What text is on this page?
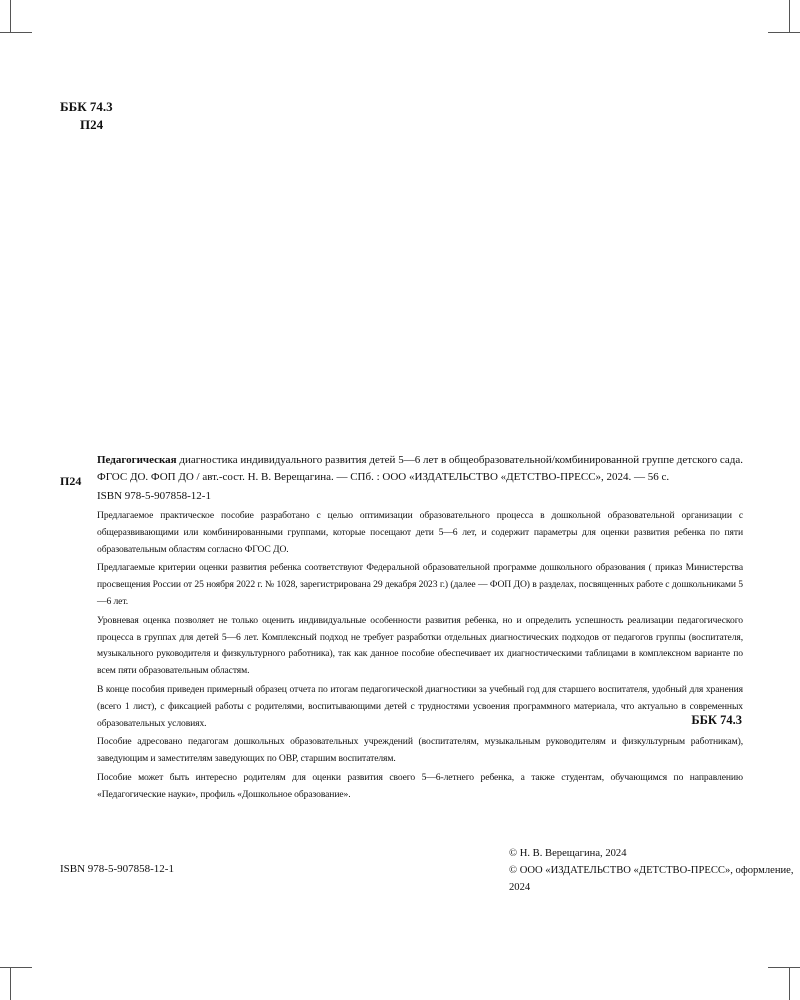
ББК 74.3
П24
П24

Педагогическая диагностика индивидуального развития детей 5—6 лет в общеобразовательной/комбинированной группе детского сада. ФГОС ДО. ФОП ДО / авт.-сост. Н. В. Верещагина. — СПб. : ООО «ИЗДАТЕЛЬСТВО «ДЕТСТВО-ПРЕСС», 2024. — 56 с.

ISBN 978-5-907858-12-1

Предлагаемое практическое пособие разработано с целью оптимизации образовательного процесса в дошкольной образовательной организации с общеразвивающими или комбинированными группами, которые посещают дети 5—6 лет, и содержит параметры для оценки развития ребенка по пяти образовательным областям согласно ФГОС ДО.

Предлагаемые критерии оценки развития ребенка соответствуют Федеральной образовательной программе дошкольного образования ( приказ Министерства просвещения России от 25 ноября 2022 г. № 1028, зарегистрирована 29 декабря 2023 г.) (далее — ФОП ДО) в разделах, посвященных работе с дошкольниками 5—6 лет.

Уровневая оценка позволяет не только оценить индивидуальные особенности развития ребенка, но и определить успешность реализации педагогического процесса в группах для детей 5—6 лет. Комплексный подход не требует разработки отдельных диагностических подходов от педагогов группы (воспитателя, музыкального руководителя и физкультурного работника), так как данное пособие обеспечивает их диагностическими таблицами в комплексном варианте по всем пяти образовательным областям.

В конце пособия приведен примерный образец отчета по итогам педагогической диагностики за учебный год для старшего воспитателя, удобный для хранения (всего 1 лист), с фиксацией работы с родителями, воспитывающими детей с трудностями усвоения программного материала, что актуально в современных образовательных условиях.

Пособие адресовано педагогам дошкольных образовательных учреждений (воспитателям, музыкальным руководителям и физкультурным работникам), заведующим и заместителям заведующих по ОВР, старшим воспитателям.

Пособие может быть интересно родителям для оценки развития своего 5—6-летнего ребенка, а также студентам, обучающимся по направлению «Педагогические науки», профиль «Дошкольное образование».

ББК 74.3
ISBN 978-5-907858-12-1
© Н. В. Верещагина, 2024
© ООО «ИЗДАТЕЛЬСТВО «ДЕТСТВО-ПРЕСС», оформление, 2024
